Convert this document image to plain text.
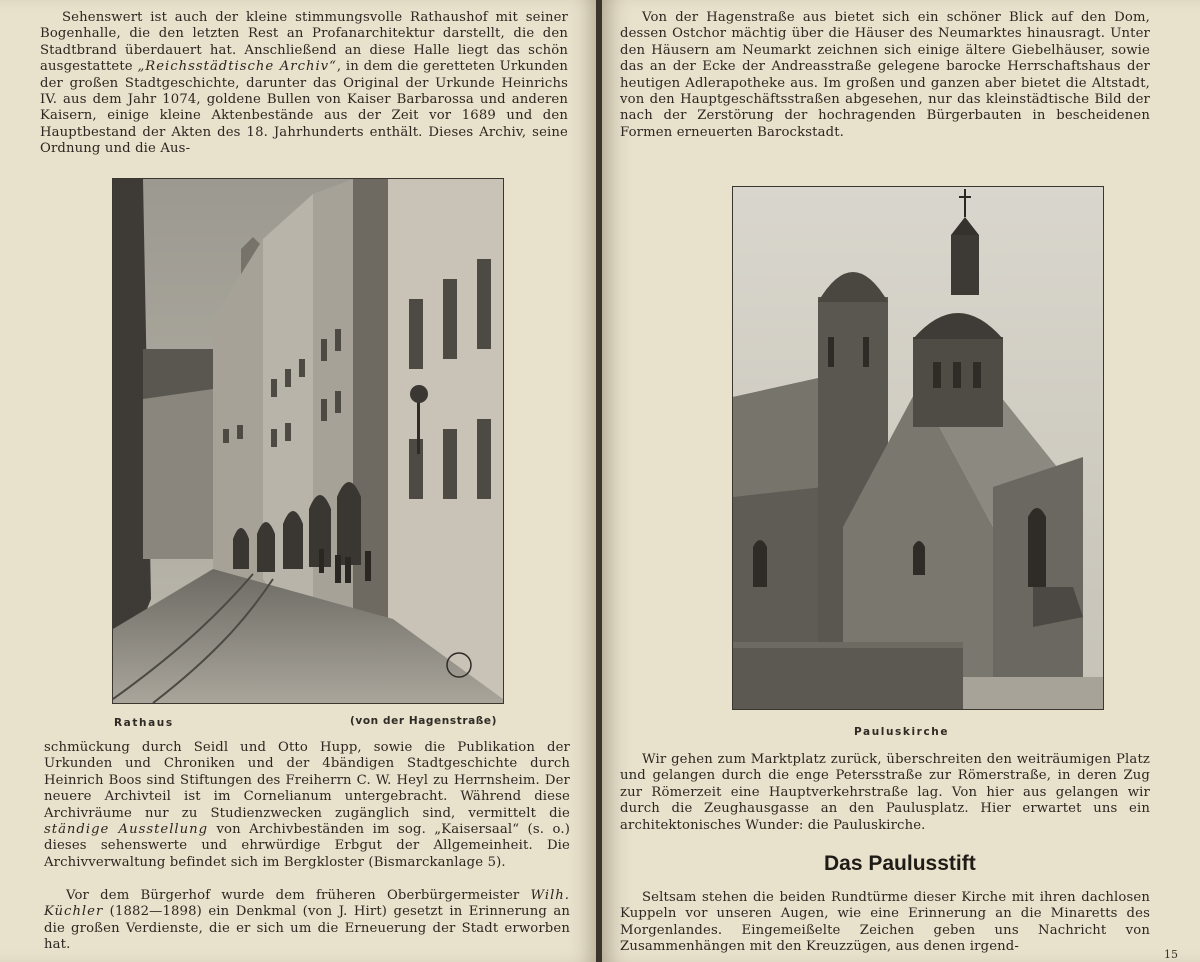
Sehenswert ist auch der kleine stimmungsvolle Rathaushof mit seiner Bogenhalle, die den letzten Rest an Profanarchitektur darstellt, die den Stadtbrand überdauert hat. Anschließend an diese Halle liegt das schön ausgestattete „Reichsstädtische Archiv“, in dem die geretteten Urkunden der großen Stadtgeschichte, darunter das Original der Urkunde Heinrichs IV. aus dem Jahr 1074, goldene Bullen von Kaiser Barbarossa und anderen Kaisern, einige kleine Aktenbestände aus der Zeit vor 1689 und den Hauptbestand der Akten des 18. Jahrhunderts enthält. Dieses Archiv, seine Ordnung und die Aus-
Rathaus	(von der Hagenstraße)
schmückung durch Seidl und Otto Hupp, sowie die Publikation der Urkunden und Chroniken und der 4bändigen Stadtgeschichte durch Heinrich Boos sind Stiftungen des Freiherrn C. W. Heyl zu Herrnsheim. Der neuere Archivteil ist im Cornelianum untergebracht. Während diese Archivräume nur zu Studienzwecken zugänglich sind, vermittelt die ständige Ausstellung von Archivbeständen im sog. „Kaisersaal“ (s. o.) dieses sehenswerte und ehrwürdige Erbgut der Allgemeinheit. Die Archivverwaltung befindet sich im Bergkloster (Bismarckanlage 5).
Vor dem Bürgerhof wurde dem früheren Oberbürgermeister Wilh. Küchler (1882—1898) ein Denkmal (von J. Hirt) gesetzt in Erinnerung an die großen Verdienste, die er sich um die Erneuerung der Stadt erworben hat.
Von der Hagenstraße aus bietet sich ein schöner Blick auf den Dom, dessen Ostchor mächtig über die Häuser des Neumarktes hinausragt. Unter den Häusern am Neumarkt zeichnen sich einige ältere Giebelhäuser, sowie das an der Ecke der Andreasstraße gelegene barocke Herrschaftshaus der heutigen Adlerapotheke aus. Im großen und ganzen aber bietet die Altstadt, von den Hauptgeschäftsstraßen abgesehen, nur das kleinstädtische Bild der nach der Zerstörung der hochragenden Bürgerbauten in bescheidenen Formen erneuerten Barockstadt.
Pauluskirche
Wir gehen zum Marktplatz zurück, überschreiten den weiträumigen Platz und gelangen durch die enge Petersstraße zur Römerstraße, in deren Zug zur Römerzeit eine Hauptverkehrstraße lag. Von hier aus gelangen wir durch die Zeughausgasse an den Paulusplatz. Hier erwartet uns ein architektonisches Wunder: die Pauluskirche.
Das Paulusstift
Seltsam stehen die beiden Rundtürme dieser Kirche mit ihren dachlosen Kuppeln vor unseren Augen, wie eine Erinnerung an die Minaretts des Morgenlandes. Eingemeißelte Zeichen geben uns Nachricht von Zusammenhängen mit den Kreuzzügen, aus denen irgend-
15
